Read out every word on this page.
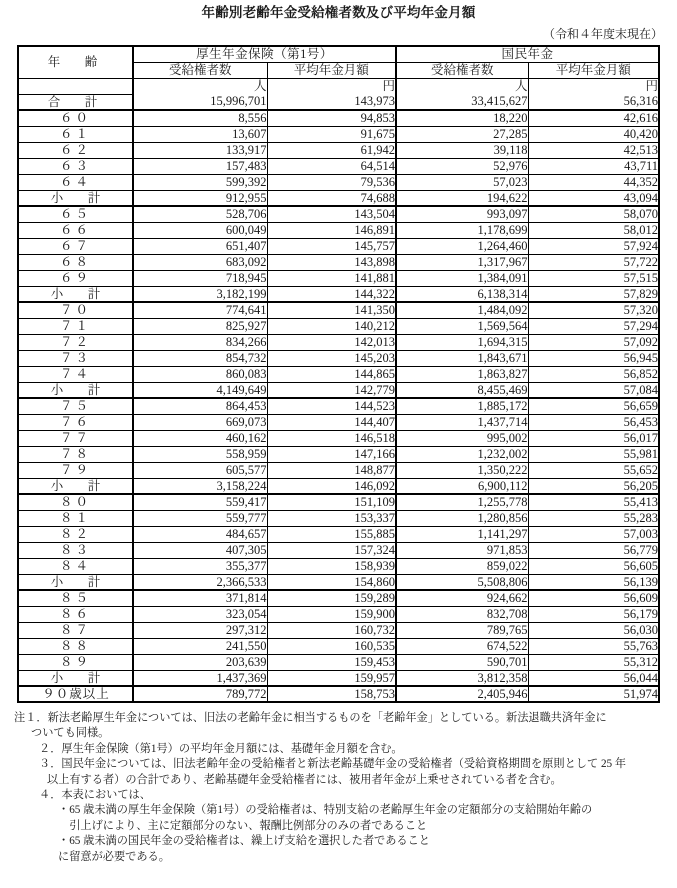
年齢別老齢年金受給権者数及び平均年金月額
（令和４年度末現在）
年　齢	厚生年金保険（第1号）		国民年金	
	受給権者数	平均年金月額	受給権者数	平均年金月額
	人	円	人	円
合　計	15,996,701	143,973	33,415,627	56,316
６０	8,556	94,853	18,220	42,616
６１	13,607	91,675	27,285	40,420
６２	133,917	61,942	39,118	42,513
６３	157,483	64,514	52,976	43,711
６４	599,392	79,536	57,023	44,352
小　計	912,955	74,688	194,622	43,094
６５	528,706	143,504	993,097	58,070
６６	600,049	146,891	1,178,699	58,012
６７	651,407	145,757	1,264,460	57,924
６８	683,092	143,898	1,317,967	57,722
６９	718,945	141,881	1,384,091	57,515
小　計	3,182,199	144,322	6,138,314	57,829
７０	774,641	141,350	1,484,092	57,320
７１	825,927	140,212	1,569,564	57,294
７２	834,266	142,013	1,694,315	57,092
７３	854,732	145,203	1,843,671	56,945
７４	860,083	144,865	1,863,827	56,852
小　計	4,149,649	142,779	8,455,469	57,084
７５	864,453	144,523	1,885,172	56,659
７６	669,073	144,407	1,437,714	56,453
７７	460,162	146,518	995,002	56,017
７８	558,959	147,166	1,232,002	55,981
７９	605,577	148,877	1,350,222	55,652
小　計	3,158,224	146,092	6,900,112	56,205
８０	559,417	151,109	1,255,778	55,413
８１	559,777	153,337	1,280,856	55,283
８２	484,657	155,885	1,141,297	57,003
８３	407,305	157,324	971,853	56,779
８４	355,377	158,939	859,022	56,605
小　計	2,366,533	154,860	5,508,806	56,139
８５	371,814	159,289	924,662	56,609
８６	323,054	159,900	832,708	56,179
８７	297,312	160,732	789,765	56,030
８８	241,550	160,535	674,522	55,763
８９	203,639	159,453	590,701	55,312
小　計	1,437,369	159,957	3,812,358	56,044
９０歳以上	789,772	158,753	2,405,946	51,974
注１．新法老齢厚生年金については、旧法の老齢年金に相当するものを「老齢年金」としている。新法退職共済年金に
ついても同様。
２．厚生年金保険（第1号）の平均年金月額には、基礎年金月額を含む。
３．国民年金については、旧法老齢年金の受給権者と新法老齢基礎年金の受給権者（受給資格期間を原則として 25 年
以上有する者）の合計であり、老齢基礎年金受給権者には、被用者年金が上乗せされている者を含む。
４．本表においては、
・65 歳未満の厚生年金保険（第1号）の受給権者は、特別支給の老齢厚生年金の定額部分の支給開始年齢の
　引上げにより、主に定額部分のない、報酬比例部分のみの者であること
・65 歳未満の国民年金の受給権者は、繰上げ支給を選択した者であること
に留意が必要である。
